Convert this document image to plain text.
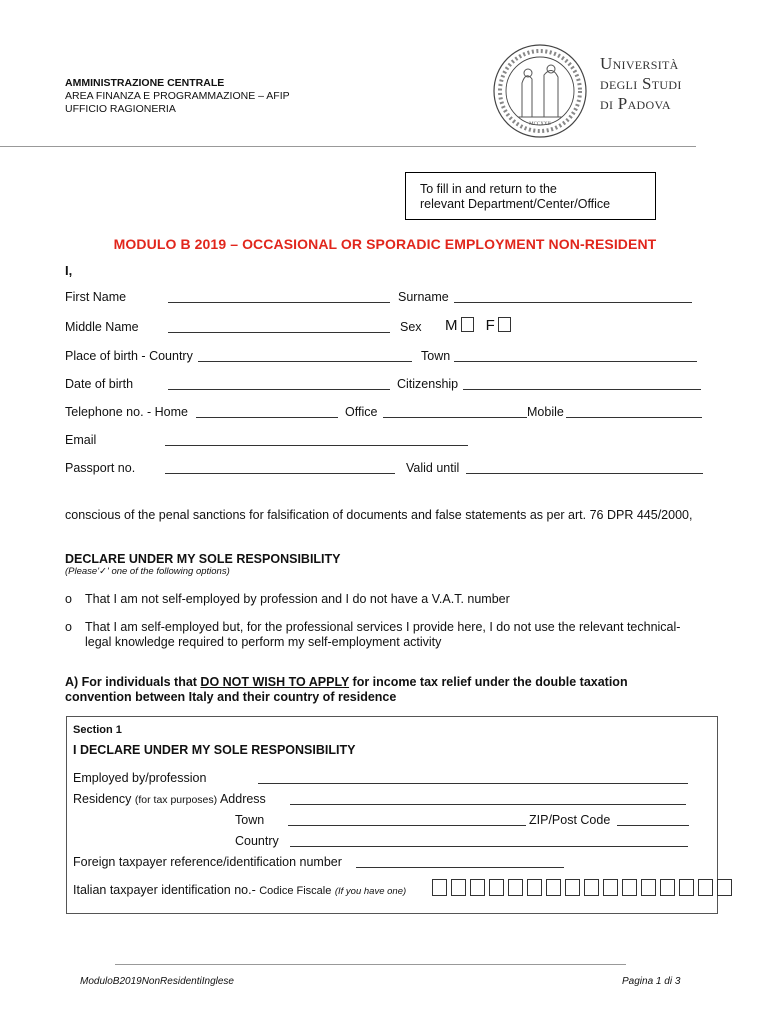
AMMINISTRAZIONE CENTRALE
AREA FINANZA E PROGRAMMAZIONE – AFIP
UFFICIO RAGIONERIA
MCCXXII
Università
degli Studi
di Padova
To fill in and return to the
relevant Department/Center/Office
MODULO B 2019 – OCCASIONAL OR SPORADIC EMPLOYMENT NON-RESIDENT
I,
First Name	Surname
Middle Name	Sex M F
Place of birth - Country	Town
Date of birth	Citizenship
Telephone no. - Home	Office	Mobile
Email
Passport no.	Valid until
conscious of the penal sanctions for falsification of documents and false statements as per art. 76 DPR 445/2000,
DECLARE UNDER MY SOLE RESPONSIBILITY
(Please'✓' one of the following options)
o That I am not self-employed by profession and I do not have a V.A.T. number
o That I am self-employed but, for the professional services I provide here, I do not use the relevant technical-
legal knowledge required to perform my self-employment activity
A) For individuals that DO NOT WISH TO APPLY for income tax relief under the double taxation
convention between Italy and their country of residence
Section 1
I DECLARE UNDER MY SOLE RESPONSIBILITY
Employed by/profession
Residency (for tax purposes) Address
Town	ZIP/Post Code
Country
Foreign taxpayer reference/identification number
Italian taxpayer identification no.- Codice Fiscale (If you have one)
ModuloB2019NonResidentiInglese	Pagina 1 di 3
